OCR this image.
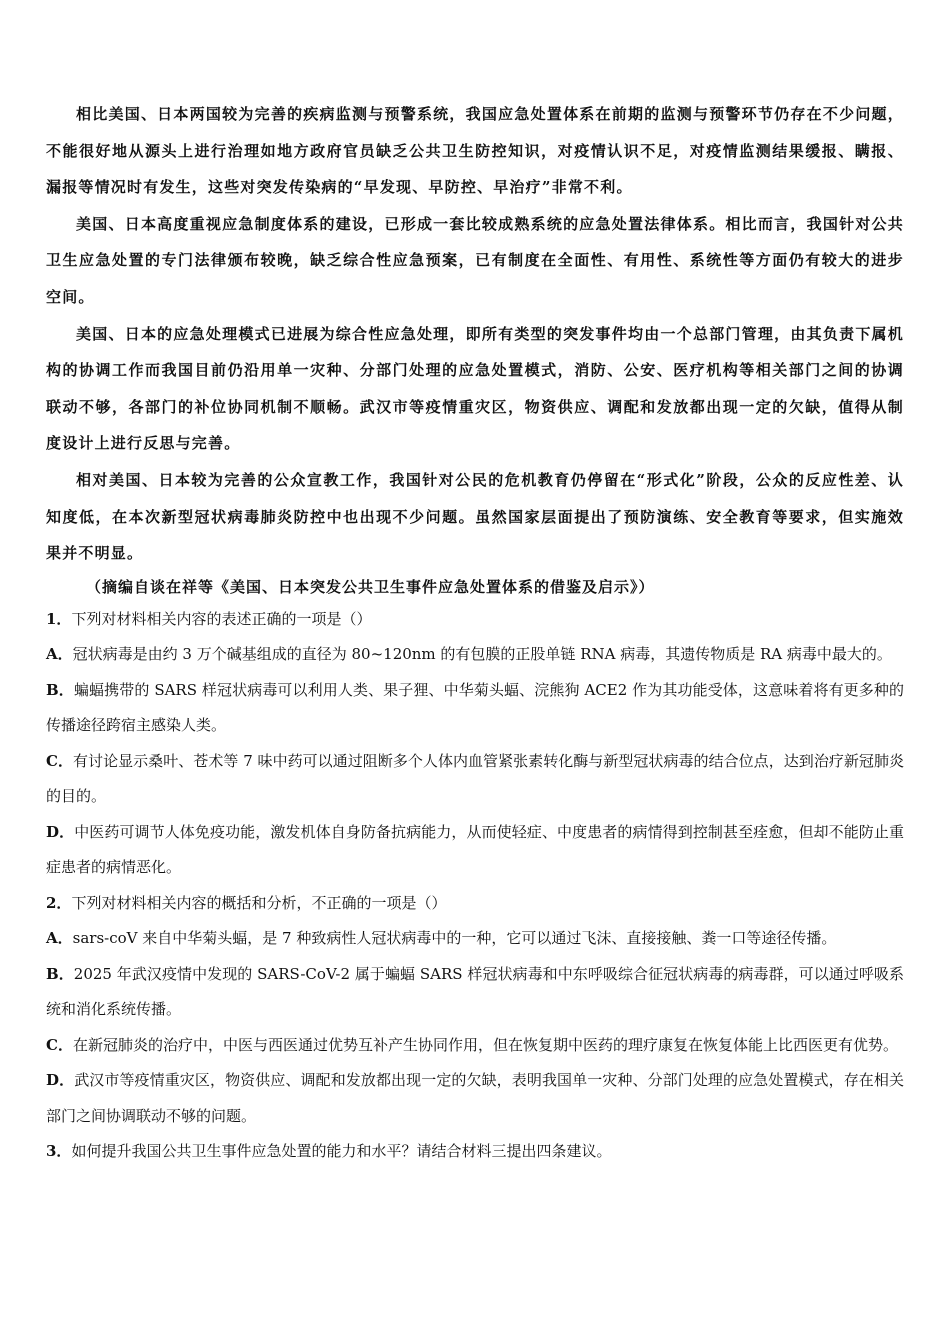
相比美国、日本两国较为完善的疾病监测与预警系统，我国应急处置体系在前期的监测与预警环节仍存在不少问题，不能很好地从源头上进行治理如地方政府官员缺乏公共卫生防控知识，对疫情认识不足，对疫情监测结果缓报、瞒报、漏报等情况时有发生，这些对突发传染病的“早发现、早防控、早治疗”非常不利。

美国、日本高度重视应急制度体系的建设，已形成一套比较成熟系统的应急处置法律体系。相比而言，我国针对公共卫生应急处置的专门法律颁布较晚，缺乏综合性应急预案，已有制度在全面性、有用性、系统性等方面仍有较大的进步空间。

美国、日本的应急处理模式已进展为综合性应急处理，即所有类型的突发事件均由一个总部门管理，由其负责下属机构的协调工作而我国目前仍沿用单一灾种、分部门处理的应急处置模式，消防、公安、医疗机构等相关部门之间的协调联动不够，各部门的补位协同机制不顺畅。武汉市等疫情重灾区，物资供应、调配和发放都出现一定的欠缺，值得从制度设计上进行反思与完善。

相对美国、日本较为完善的公众宣教工作，我国针对公民的危机教育仍停留在“形式化”阶段，公众的反应性差、认知度低，在本次新型冠状病毒肺炎防控中也出现不少问题。虽然国家层面提出了预防演练、安全教育等要求，但实施效果并不明显。

（摘编自谈在祥等《美国、日本突发公共卫生事件应急处置体系的借鉴及启示》）

1．下列对材料相关内容的表述正确的一项是（）

A．冠状病毒是由约 3 万个碱基组成的直径为 80~120nm 的有包膜的正股单链 RNA 病毒，其遗传物质是 RA 病毒中最大的。

B．蝙蝠携带的 SARS 样冠状病毒可以利用人类、果子狸、中华菊头蝠、浣熊狗 ACE2 作为其功能受体，这意味着将有更多种的传播途径跨宿主感染人类。

C．有讨论显示桑叶、苍术等 7 味中药可以通过阻断多个人体内血管紧张素转化酶与新型冠状病毒的结合位点，达到治疗新冠肺炎的目的。

D．中医药可调节人体免疫功能，激发机体自身防备抗病能力，从而使轻症、中度患者的病情得到控制甚至痊愈，但却不能防止重症患者的病情恶化。

2．下列对材料相关内容的概括和分析，不正确的一项是（）

A．sars-coV 来自中华菊头蝠，是 7 种致病性人冠状病毒中的一种，它可以通过飞沫、直接接触、粪一口等途径传播。

B．2025 年武汉疫情中发现的 SARS-CoV-2 属于蝙蝠 SARS 样冠状病毒和中东呼吸综合征冠状病毒的病毒群，可以通过呼吸系统和消化系统传播。

C．在新冠肺炎的治疗中，中医与西医通过优势互补产生协同作用，但在恢复期中医药的理疗康复在恢复体能上比西医更有优势。

D．武汉市等疫情重灾区，物资供应、调配和发放都出现一定的欠缺，表明我国单一灾种、分部门处理的应急处置模式，存在相关部门之间协调联动不够的问题。

3．如何提升我国公共卫生事件应急处置的能力和水平？请结合材料三提出四条建议。
